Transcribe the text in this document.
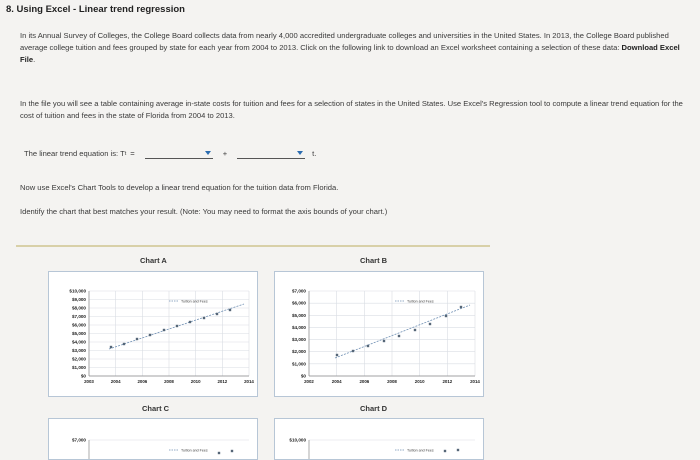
8. Using Excel - Linear trend regression
In its Annual Survey of Colleges, the College Board collects data from nearly 4,000 accredited undergraduate colleges and universities in the United States. In 2013, the College Board published average college tuition and fees grouped by state for each year from 2004 to 2013. Click on the following link to download an Excel worksheet containing a selection of these data: Download Excel File.
In the file you will see a table containing average in-state costs for tuition and fees for a selection of states in the United States. Use Excel's Regression tool to compute a linear trend equation for the cost of tuition and fees in the state of Florida from 2004 to 2013.
The linear trend equation is: T t =	+	t.
Now use Excel's Chart Tools to develop a linear trend equation for the tuition data from Florida.
Identify the chart that best matches your result. (Note: You may need to format the axis bounds of your chart.)
Chart A
$10,000
$9,000
$8,000
$7,000
$6,000
$5,000
$4,000
$3,000
$2,000
$1,000
$0
2003	2004	2006	2008	2010	2012	2014
Tuition and Fees
Chart B
$7,000
$6,000
$5,000
$4,000
$3,000
$2,000
$1,000
$0
2002	2004	2006	2008	2010	2012	2014
Tuition and Fees
Chart C
$7,000
Tuition and Fees
Chart D
$10,000
Tuition and Fees
